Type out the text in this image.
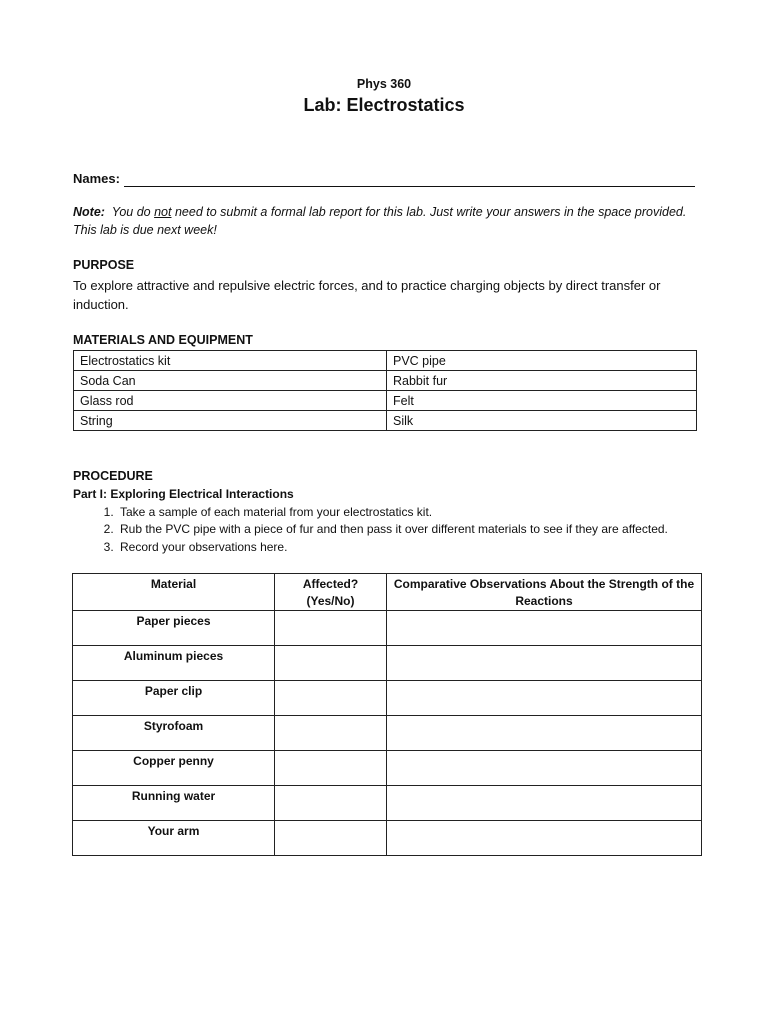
Phys 360
Lab: Electrostatics
Names:
Note: You do not need to submit a formal lab report for this lab. Just write your answers in the space provided. This lab is due next week!
PURPOSE
To explore attractive and repulsive electric forces, and to practice charging objects by direct transfer or induction.
MATERIALS AND EQUIPMENT
Electrostatics kit	PVC pipe
Soda Can	Rabbit fur
Glass rod	Felt
String	Silk
PROCEDURE
Part I: Exploring Electrical Interactions
1. Take a sample of each material from your electrostatics kit.
2. Rub the PVC pipe with a piece of fur and then pass it over different materials to see if they are affected.
3. Record your observations here.
Material	Affected? (Yes/No)	Comparative Observations About the Strength of the Reactions
Paper pieces		
Aluminum pieces		
Paper clip		
Styrofoam		
Copper penny		
Running water		
Your arm		
